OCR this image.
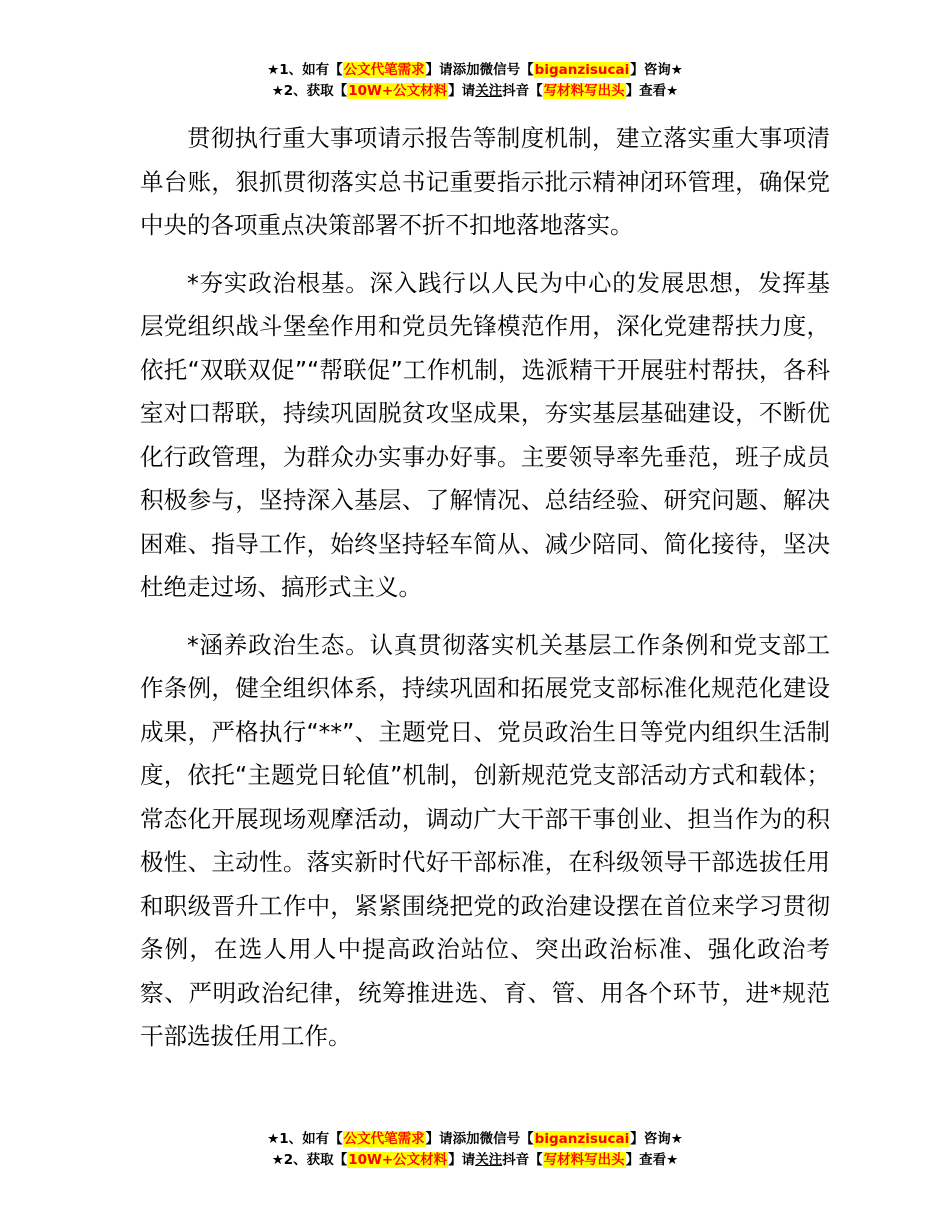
★1、如有【公文代笔需求】请添加微信号【biganzisucai】咨询★
★2、获取【10W+公文材料】请关注抖音【写材料写出头】查看★

贯彻执行重大事项请示报告等制度机制，建立落实重大事项清单台账，狠抓贯彻落实总书记重要指示批示精神闭环管理，确保党中央的各项重点决策部署不折不扣地落地落实。

*夯实政治根基。深入践行以人民为中心的发展思想，发挥基层党组织战斗堡垒作用和党员先锋模范作用，深化党建帮扶力度，依托“双联双促”“帮联促”工作机制，选派精干开展驻村帮扶，各科室对口帮联，持续巩固脱贫攻坚成果，夯实基层基础建设，不断优化行政管理，为群众办实事办好事。主要领导率先垂范，班子成员积极参与，坚持深入基层、了解情况、总结经验、研究问题、解决困难、指导工作，始终坚持轻车简从、减少陪同、简化接待，坚决杜绝走过场、搞形式主义。

*涵养政治生态。认真贯彻落实机关基层工作条例和党支部工作条例，健全组织体系，持续巩固和拓展党支部标准化规范化建设成果，严格执行“**”、主题党日、党员政治生日等党内组织生活制度，依托“主题党日轮值”机制，创新规范党支部活动方式和载体；常态化开展现场观摩活动，调动广大干部干事创业、担当作为的积极性、主动性。落实新时代好干部标准，在科级领导干部选拔任用和职级晋升工作中，紧紧围绕把党的政治建设摆在首位来学习贯彻条例，在选人用人中提高政治站位、突出政治标准、强化政治考察、严明政治纪律，统筹推进选、育、管、用各个环节，进*规范干部选拔任用工作。

★1、如有【公文代笔需求】请添加微信号【biganzisucai】咨询★
★2、获取【10W+公文材料】请关注抖音【写材料写出头】查看★
